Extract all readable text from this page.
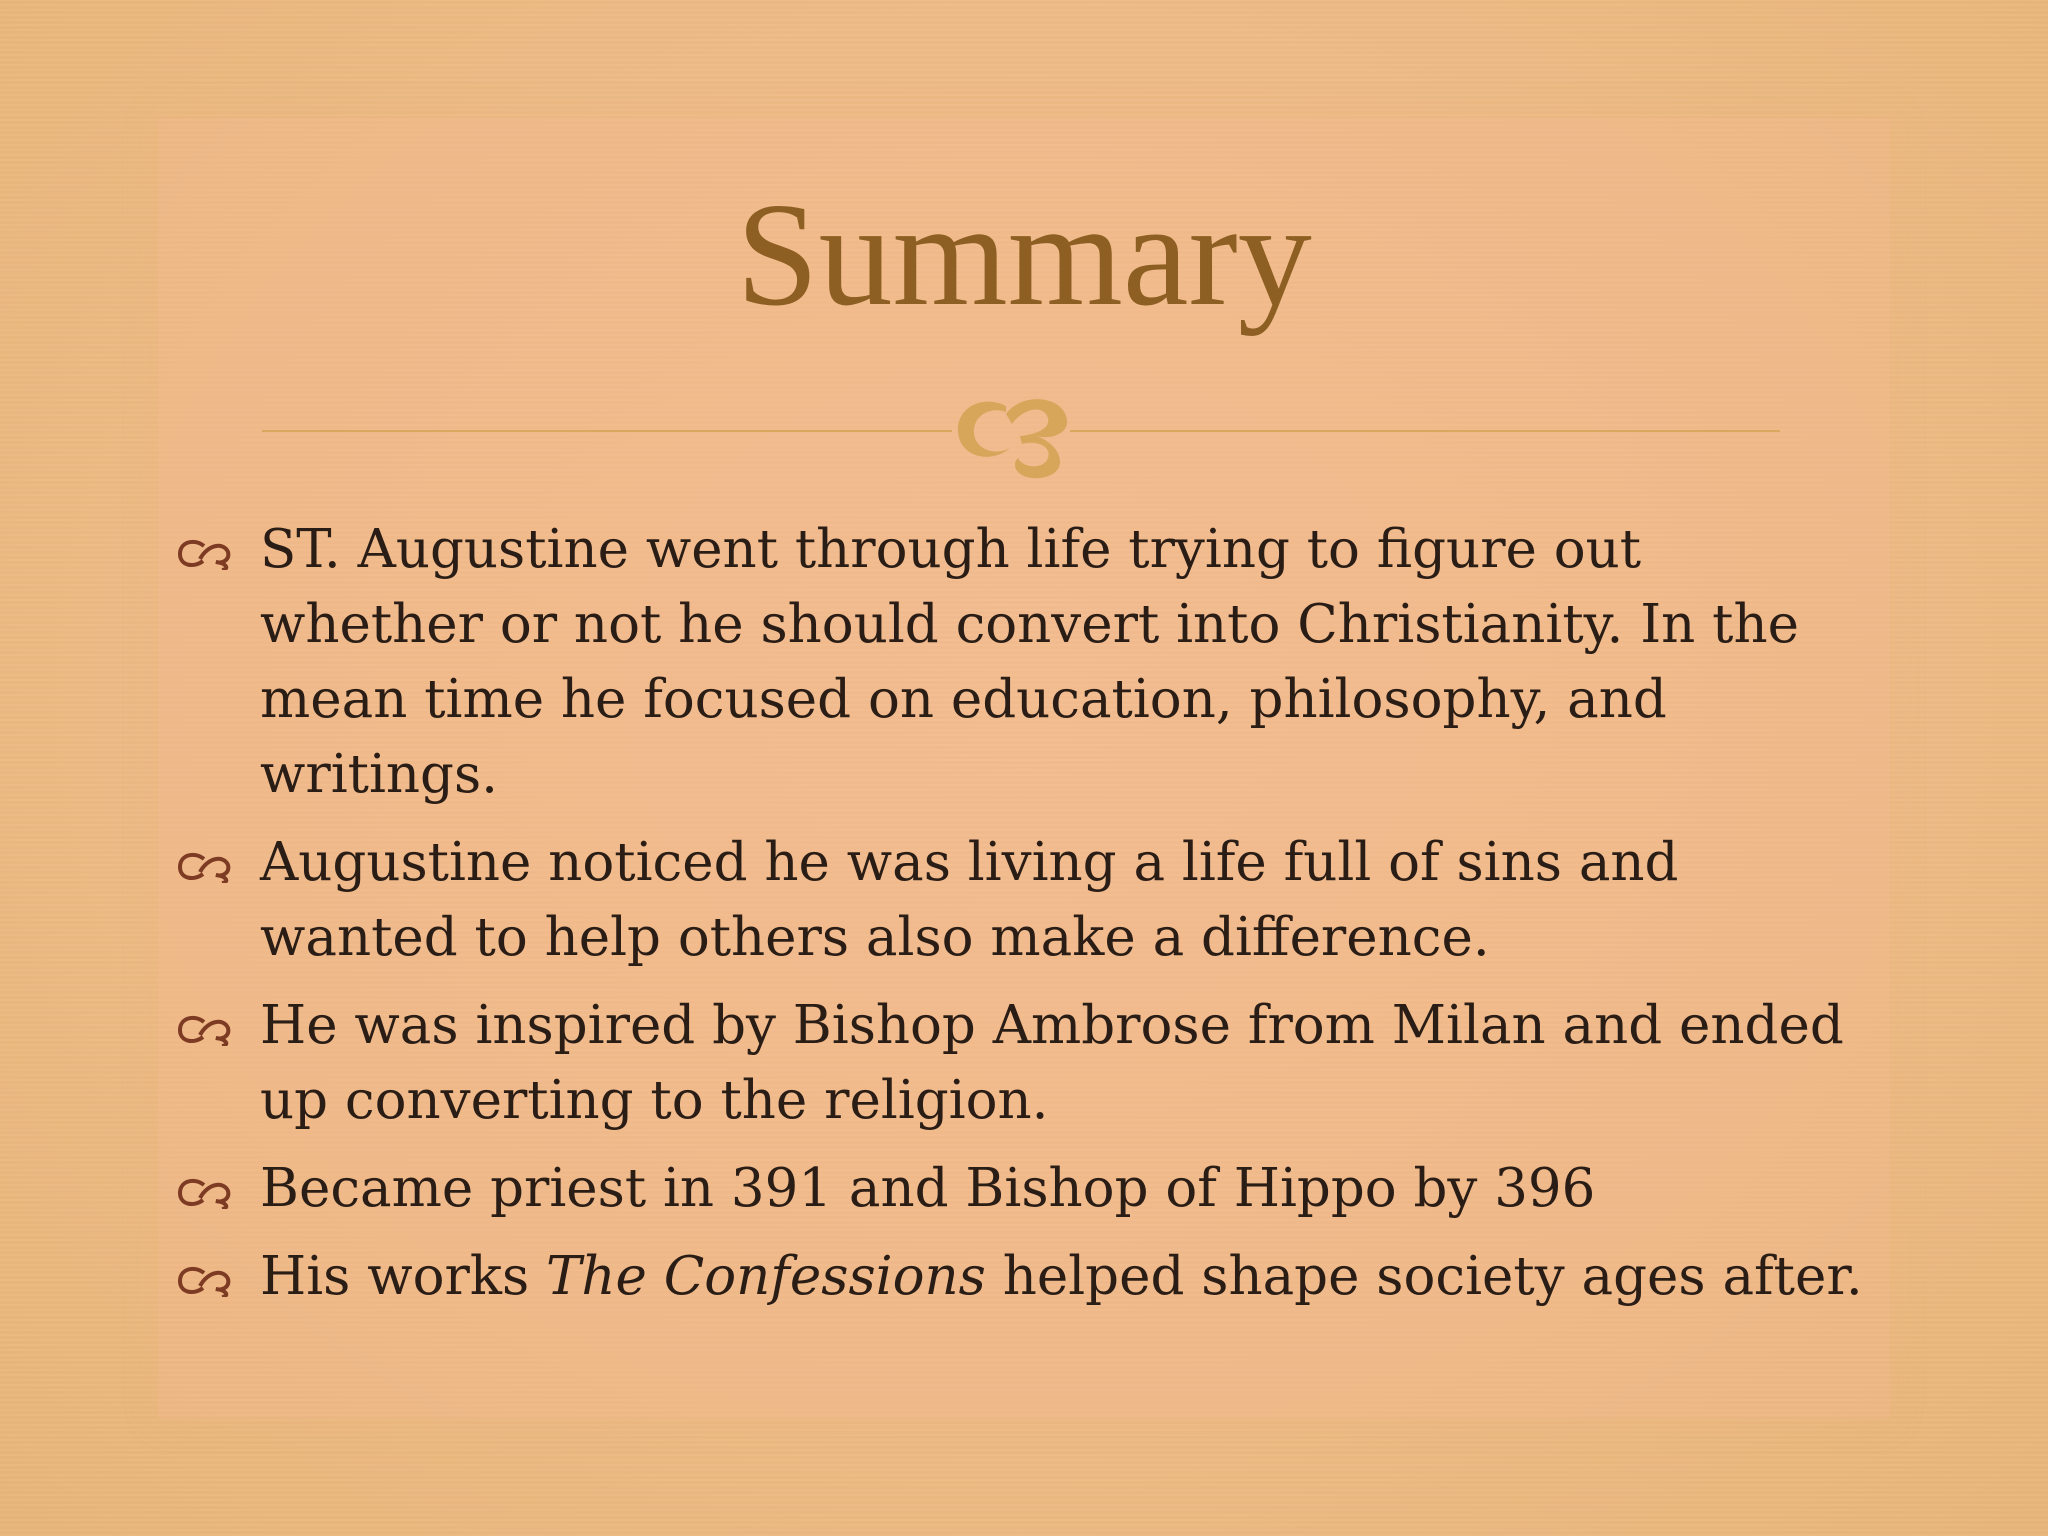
Summary
ST. Augustine went through life trying to figure out whether or not he should convert into Christianity. In the mean time he focused on education, philosophy, and writings.
Augustine noticed he was living a life full of sins and wanted to help others also make a difference.
He was inspired by Bishop Ambrose from Milan and ended up converting to the religion.
Became priest in 391 and Bishop of Hippo by 396
His works The Confessions helped shape society ages after.
